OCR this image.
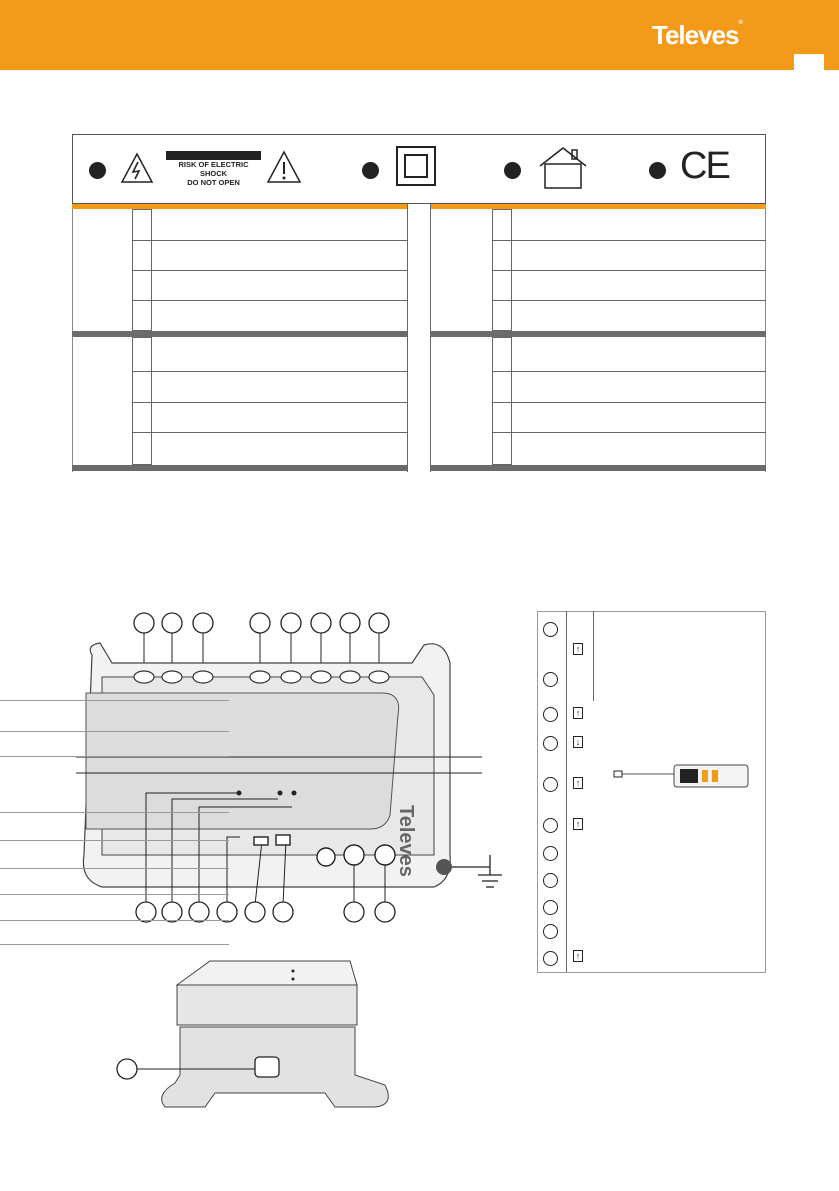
Televes®
RISK OF ELECTRIC SHOCK
DO NOT OPEN	CE
Televes
↑
↑
↓
↑
↑
↑
